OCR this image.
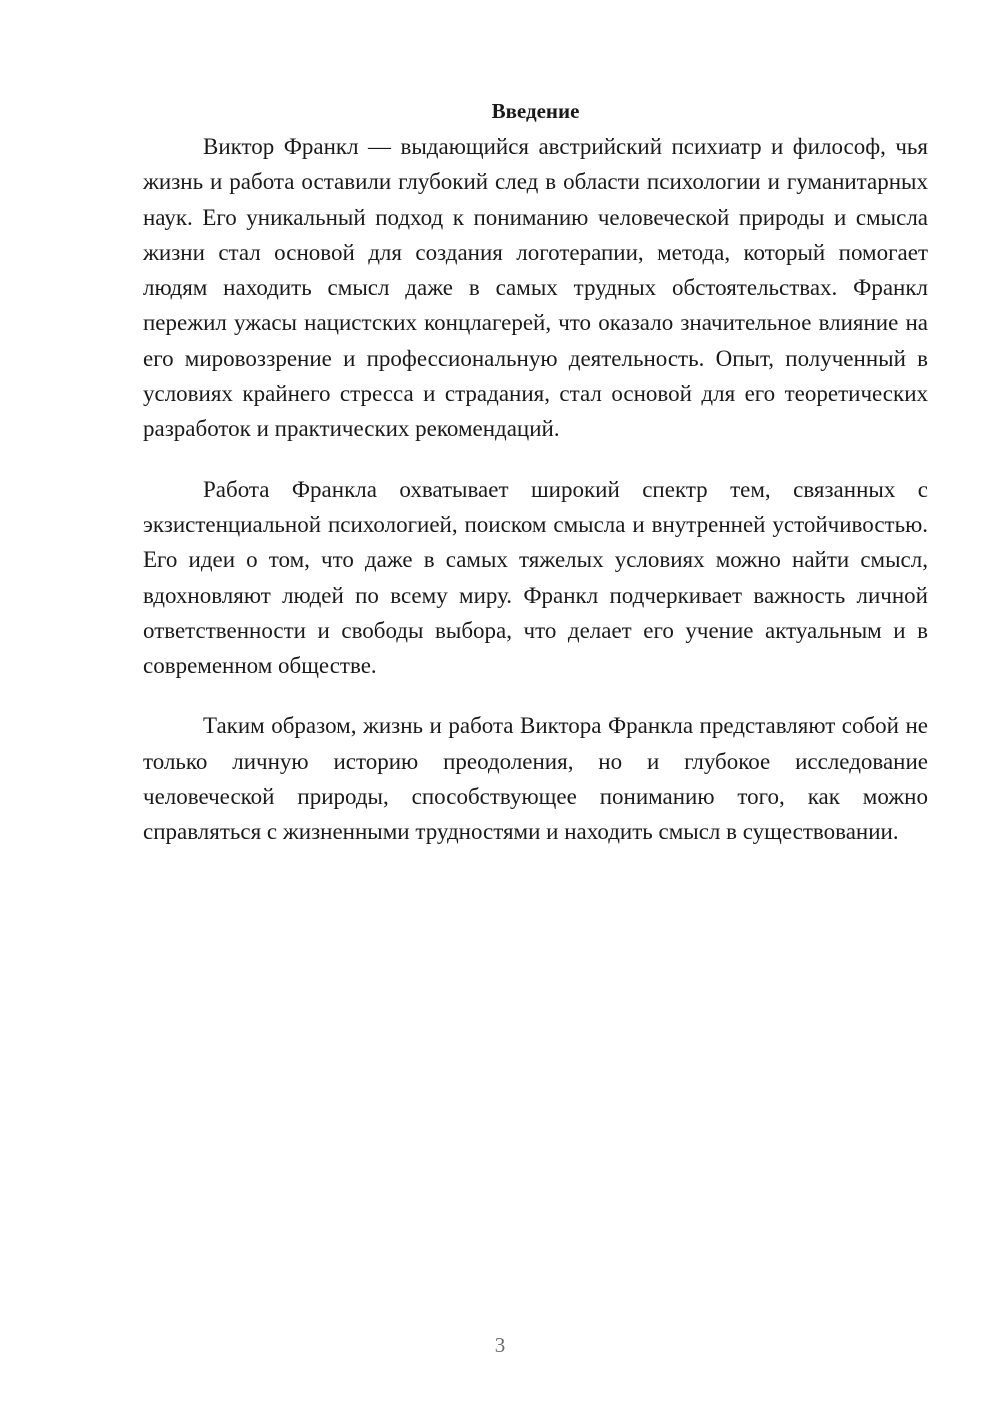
Введение

Виктор Франкл — выдающийся австрийский психиатр и философ, чья жизнь и работа оставили глубокий след в области психологии и гуманитарных наук. Его уникальный подход к пониманию человеческой природы и смысла жизни стал основой для создания логотерапии, метода, который помогает людям находить смысл даже в самых трудных обстоятельствах. Франкл пережил ужасы нацистских концлагерей, что оказало значительное влияние на его мировоззрение и профессиональную деятельность. Опыт, полученный в условиях крайнего стресса и страдания, стал основой для его теоретических разработок и практических рекомендаций.

Работа Франкла охватывает широкий спектр тем, связанных с экзистенциальной психологией, поиском смысла и внутренней устойчивостью. Его идеи о том, что даже в самых тяжелых условиях можно найти смысл, вдохновляют людей по всему миру. Франкл подчеркивает важность личной ответственности и свободы выбора, что делает его учение актуальным и в современном обществе.

Таким образом, жизнь и работа Виктора Франкла представляют собой не только личную историю преодоления, но и глубокое исследование человеческой природы, способствующее пониманию того, как можно справляться с жизненными трудностями и находить смысл в существовании.

3
